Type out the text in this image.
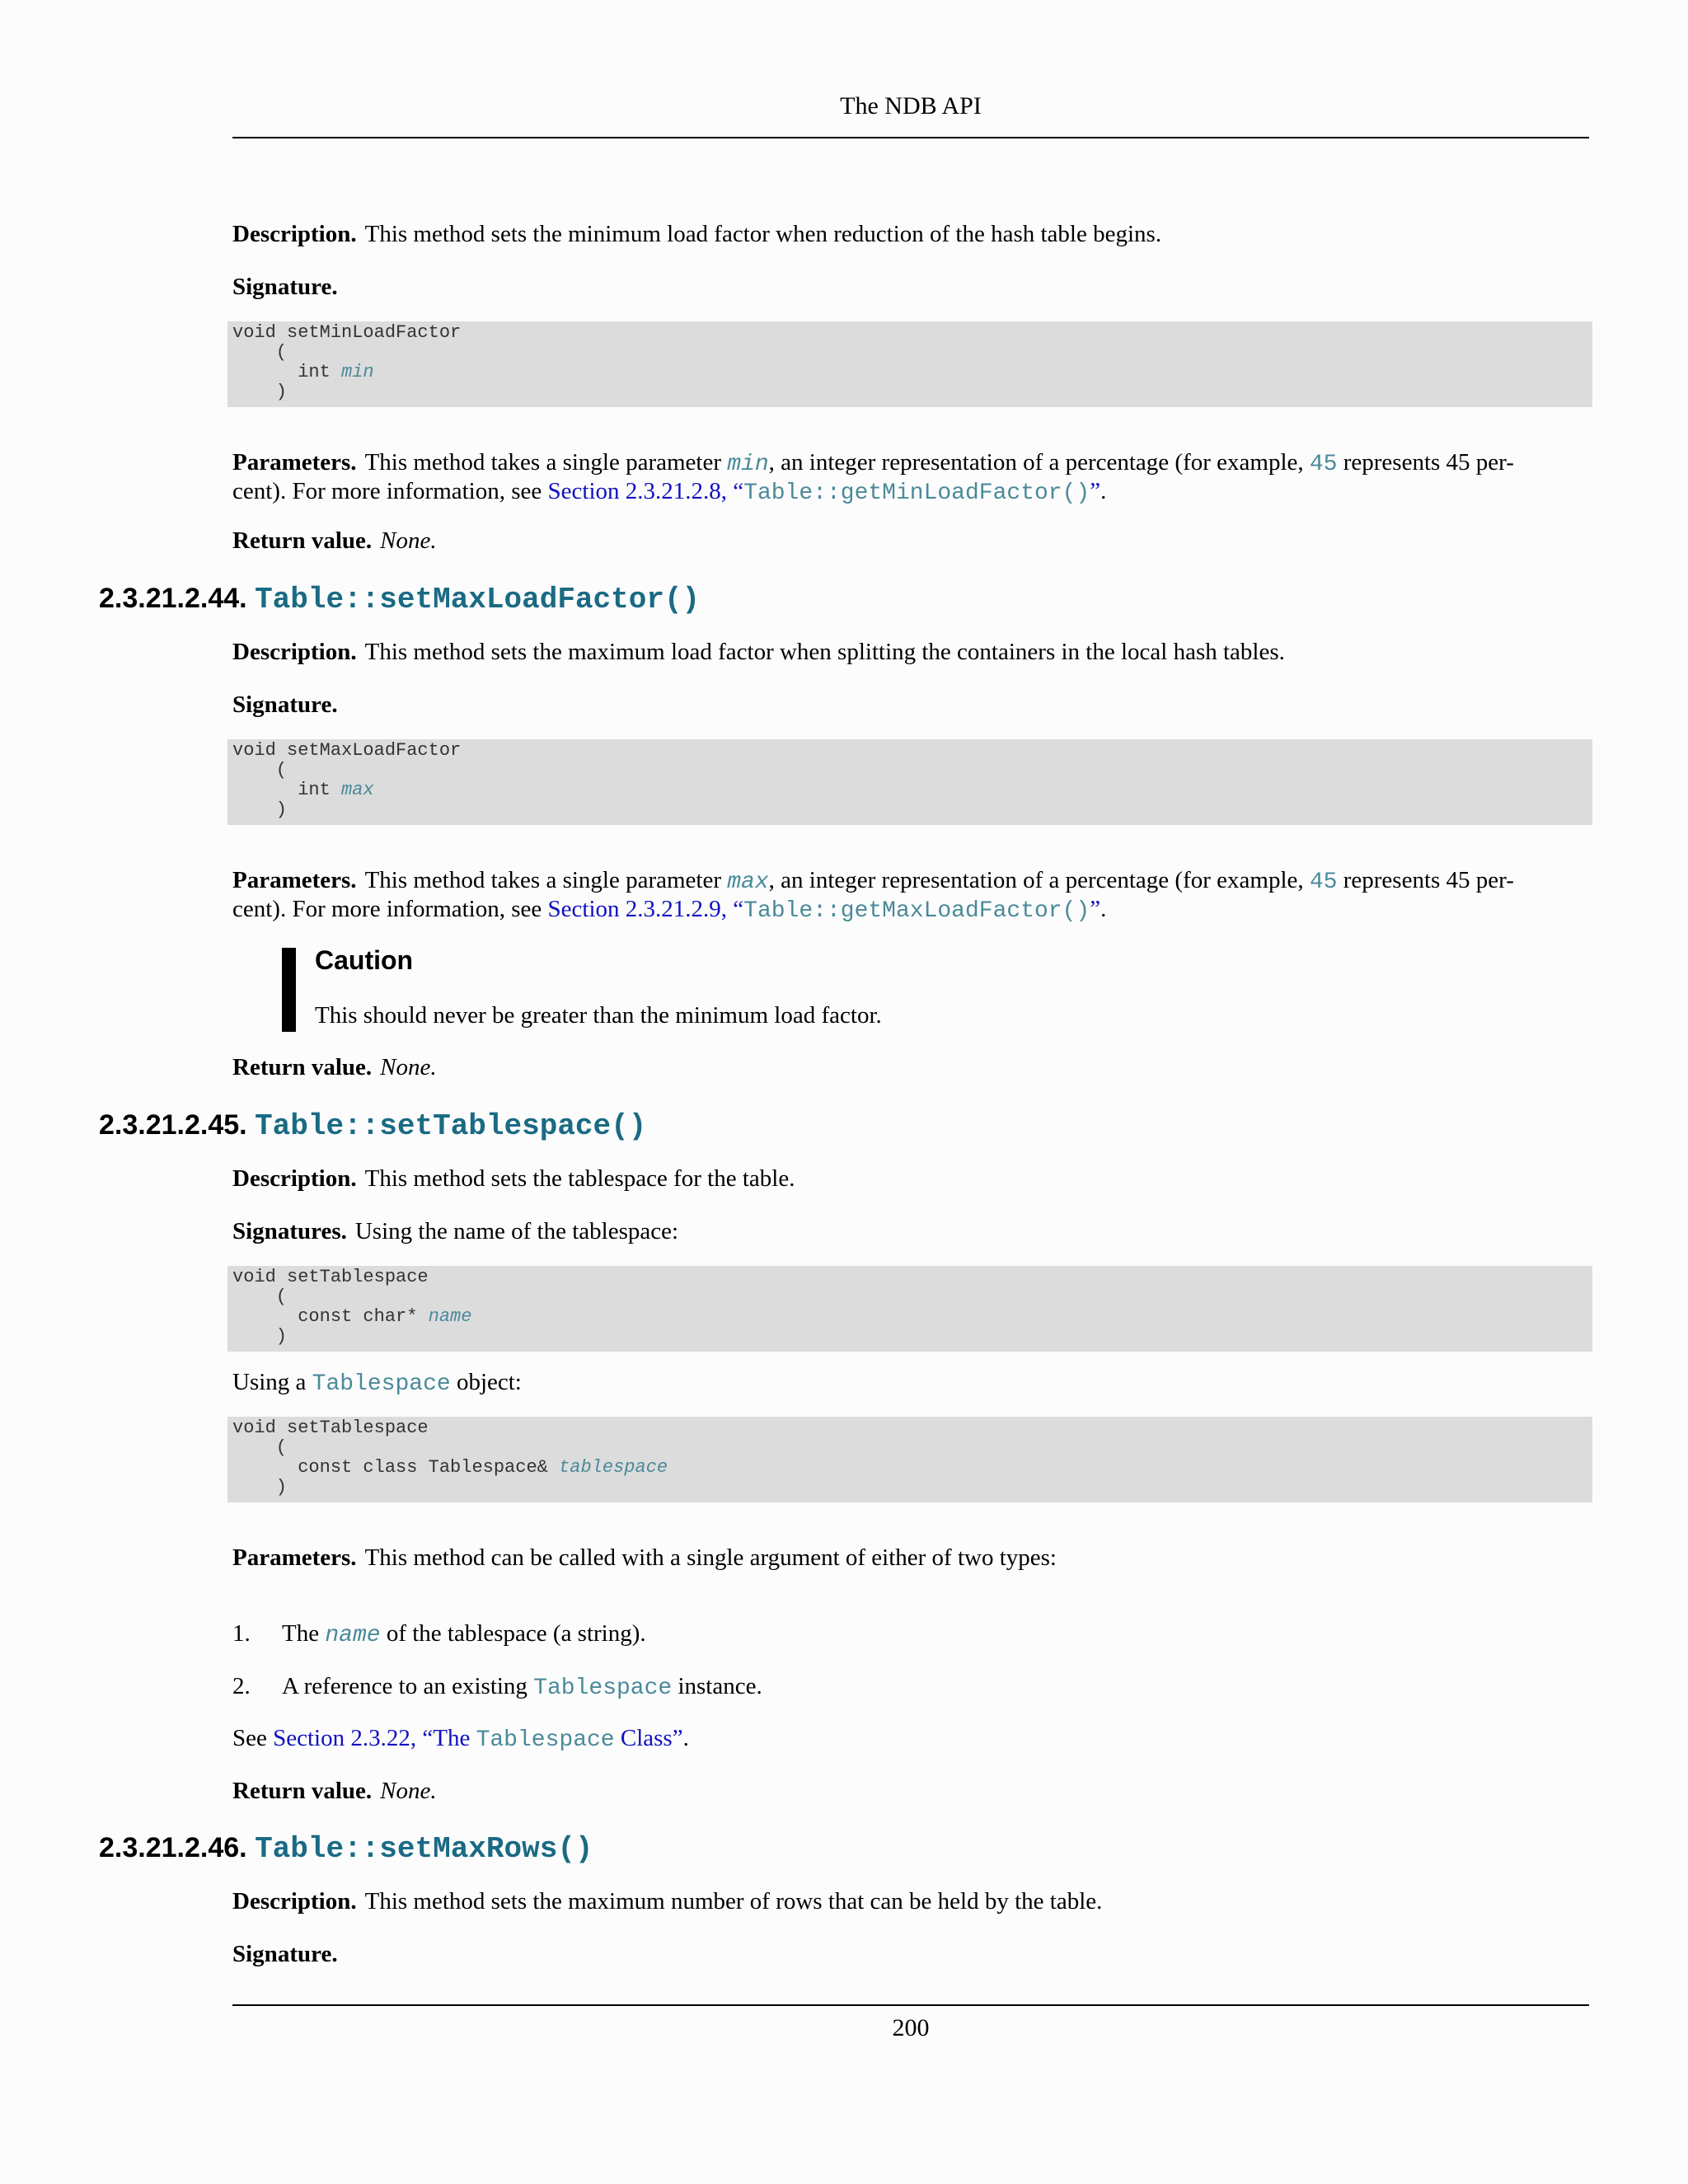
The NDB API
Description. This method sets the minimum load factor when reduction of the hash table begins.
Signature.
void setMinLoadFactor
(
int min
)
Parameters. This method takes a single parameter min, an integer representation of a percentage (for example, 45 represents 45 per-
cent). For more information, see Section 2.3.21.2.8, “Table::getMinLoadFactor()”.
Return value. None.
2.3.21.2.44. Table::setMaxLoadFactor()
Description. This method sets the maximum load factor when splitting the containers in the local hash tables.
Signature.
void setMaxLoadFactor
(
int max
)
Parameters. This method takes a single parameter max, an integer representation of a percentage (for example, 45 represents 45 per-
cent). For more information, see Section 2.3.21.2.9, “Table::getMaxLoadFactor()”.
Caution
This should never be greater than the minimum load factor.
Return value. None.
2.3.21.2.45. Table::setTablespace()
Description. This method sets the tablespace for the table.
Signatures. Using the name of the tablespace:
void setTablespace
(
const char* name
)
Using a Tablespace object:
void setTablespace
(
const class Tablespace& tablespace
)
Parameters. This method can be called with a single argument of either of two types:
1. The name of the tablespace (a string).
2. A reference to an existing Tablespace instance.
See Section 2.3.22, “The Tablespace Class”.
Return value. None.
2.3.21.2.46. Table::setMaxRows()
Description. This method sets the maximum number of rows that can be held by the table.
Signature.
200
